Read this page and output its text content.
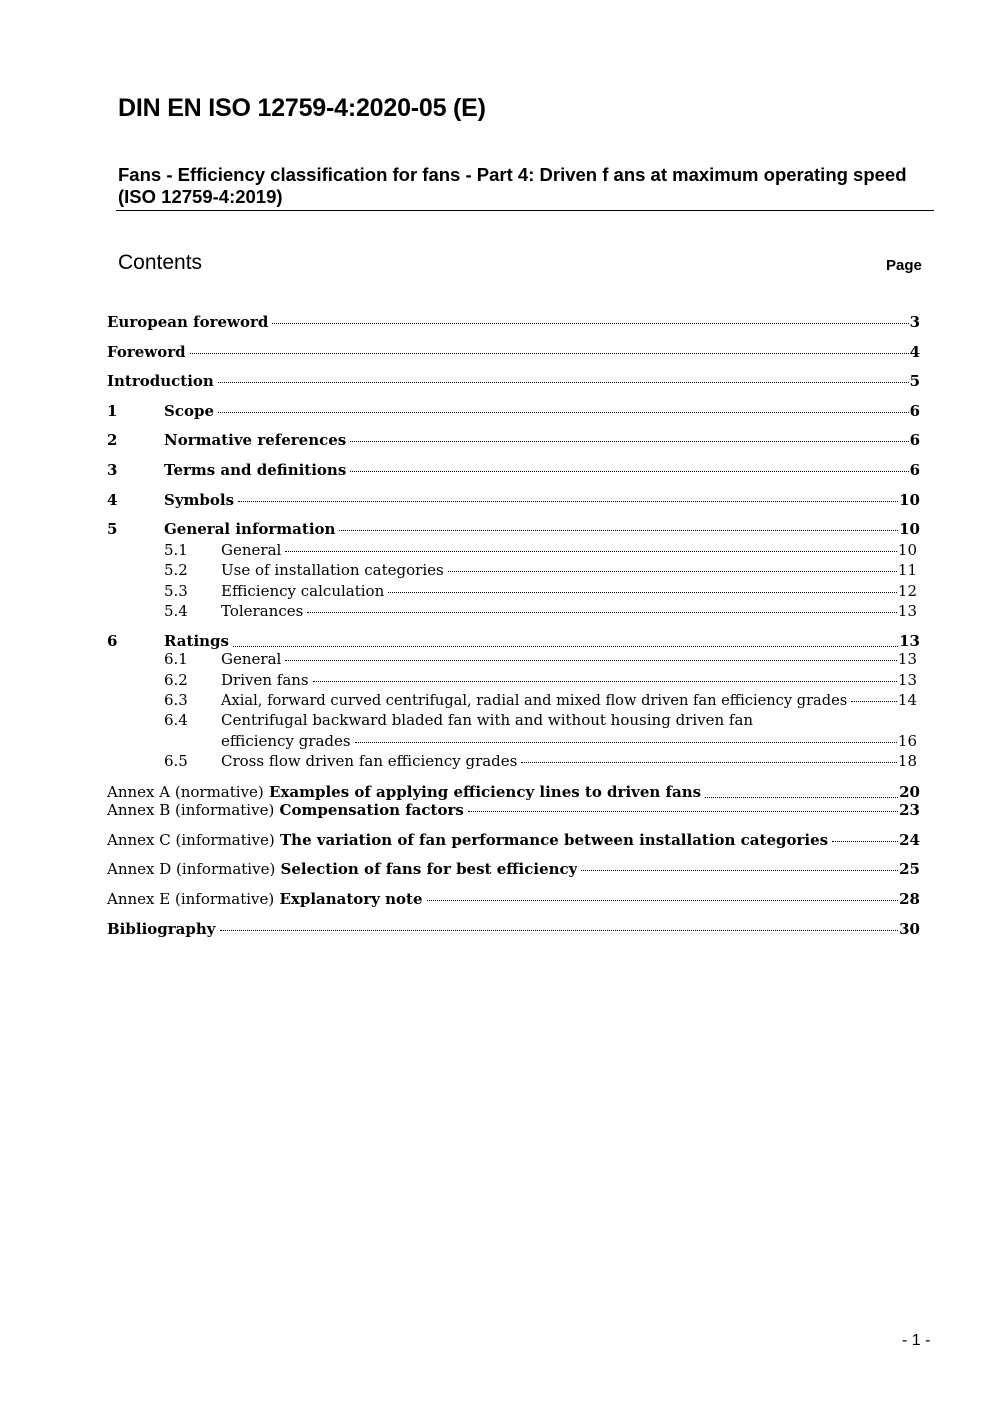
DIN EN ISO 12759-4:2020-05 (E)
Fans - Efficiency classification for fans - Part 4: Driven f ans at maximum operating speed (ISO 12759-4:2019)
Contents	Page
European foreword	3
Foreword	4
Introduction	5
1	Scope	6
2	Normative references	6
3	Terms and definitions	6
4	Symbols	10
5	General information	10
5.1	General	10
5.2	Use of installation categories	11
5.3	Efficiency calculation	12
5.4	Tolerances	13
6	Ratings	13
6.1	General	13
6.2	Driven fans	13
6.3	Axial, forward curved centrifugal, radial and mixed flow driven fan efficiency grades	14
6.4	Centrifugal backward bladed fan with and without housing driven fan
efficiency grades	16
6.5	Cross flow driven fan efficiency grades	18
Annex A (normative) Examples of applying efficiency lines to driven fans	20
Annex B (informative) Compensation factors	23
Annex C (informative) The variation of fan performance between installation categories	24
Annex D (informative) Selection of fans for best efficiency	25
Annex E (informative) Explanatory note	28
Bibliography	30
- 1 -
